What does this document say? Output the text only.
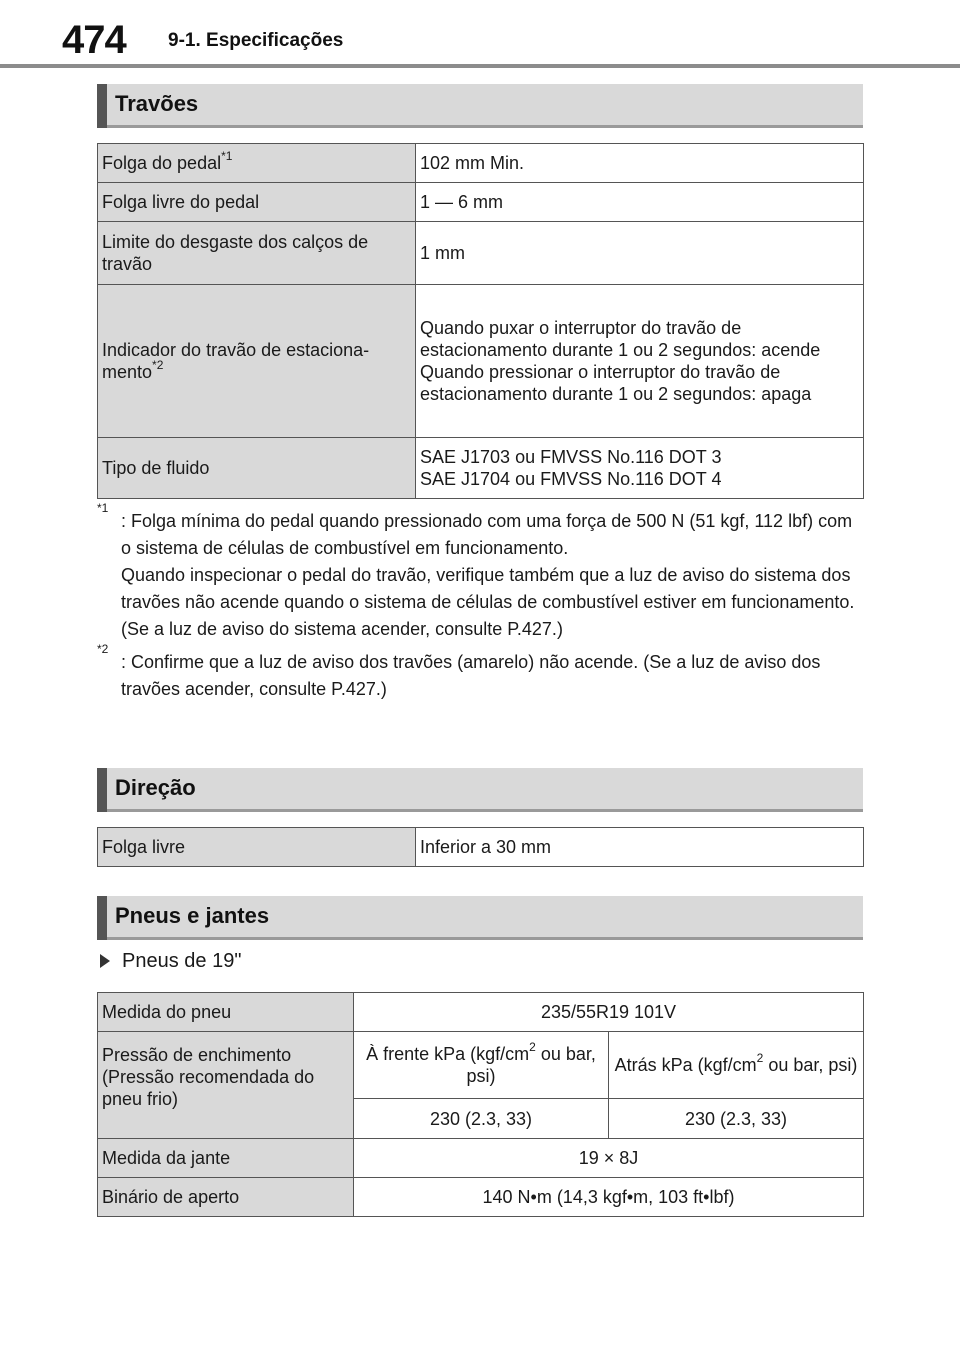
474 9-1. Especificações
Travões
Folga do pedal$^{*1}$	102 mm Min.
Folga livre do pedal	1 — 6 mm
Limite do desgaste dos calços de travão	1 mm
Indicador do travão de estaciona-mento$^{*2}$	Quando puxar o interruptor do travão de estacionamento durante 1 ou 2 segundos: acende
Quando pressionar o interruptor do travão de estacionamento durante 1 ou 2 segundos: apaga

Tipo de fluido	SAE J1703 ou FMVSS No.116 DOT 3
SAE J1704 ou FMVSS No.116 DOT 4
*1

: Folga mínima do pedal quando pressionado com uma força de 500 N (51 kgf, 112 lbf) com o sistema de células de combustível em funcionamento.

Quando inspecionar o pedal do travão, verifique também que a luz de aviso do sistema dos travões não acende quando o sistema de células de combustível estiver em funcionamento. (Se a luz de aviso do sistema acender, consulte P.427.)

*2

: Confirme que a luz de aviso dos travões (amarelo) não acende. (Se a luz de aviso dos travões acender, consulte P.427.)

Direção
Folga livre	Inferior a 30 mm
Pneus e jantes
Pneus de 19"
Medida do pneu	235/55R19 101V	
Pressão de enchimento (Pressão recomendada do pneu frio)	À frente kPa ($kgf/cm^2$ ou bar, psi)	Atrás kPa ($kgf/cm^2$ ou bar, psi)
	230 (2.3, 33)	230 (2.3, 33)
Medida da jante	19 × 8J	
Binário de aperto	140 N•m (14,3 kgf•m, 103 ft•lbf)	
